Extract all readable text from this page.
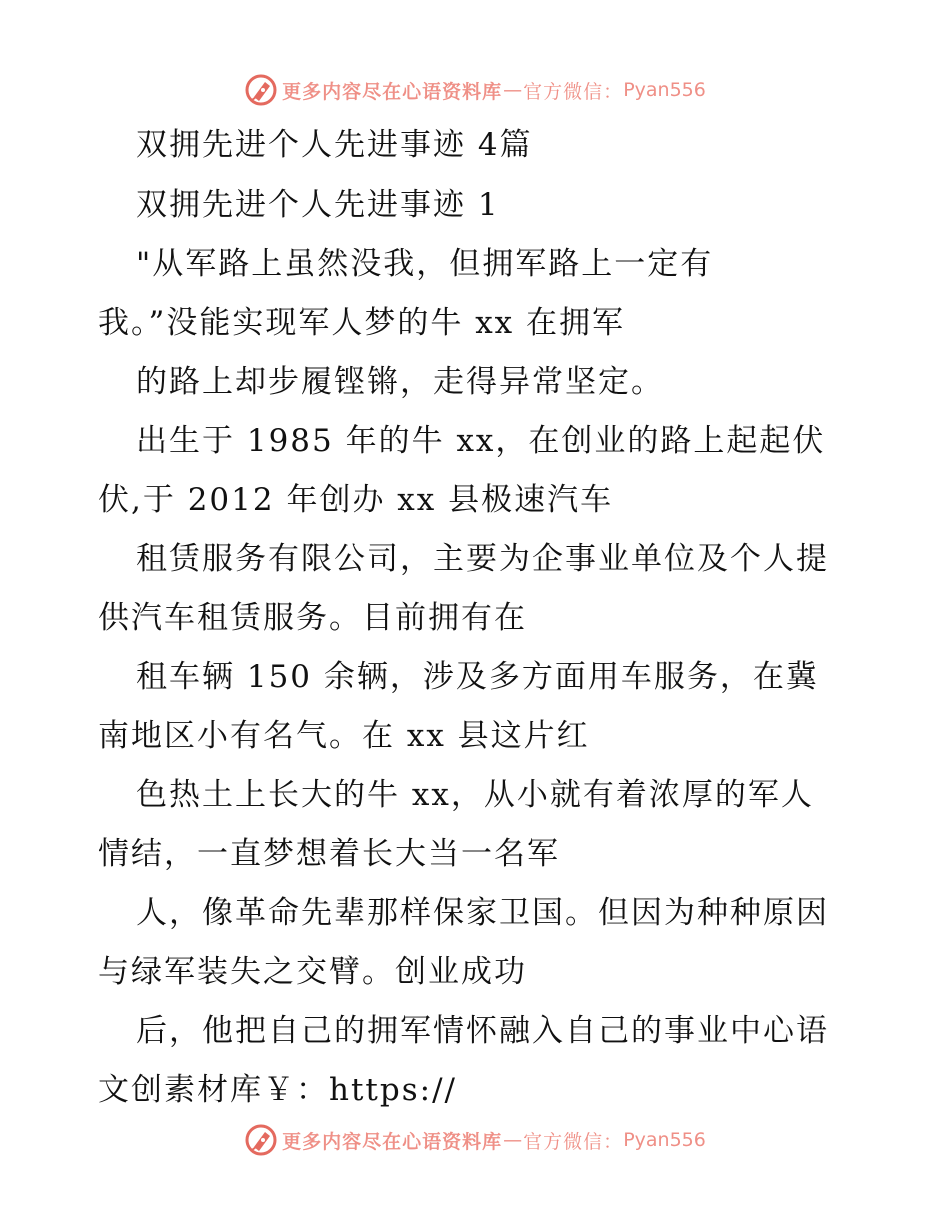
更多内容尽在心语资料库 — 官方微信： Pyan556
双拥先进个人先进事迹 4篇
双拥先进个人先进事迹 1
"从军路上虽然没我，但拥军路上一定有
我。”没能实现军人梦的牛 xx 在拥军
的路上却步履铿锵，走得异常坚定。
出生于 1985 年的牛 xx，在创业的路上起起伏
伏,于 2012 年创办 xx 县极速汽车
租赁服务有限公司，主要为企事业单位及个人提
供汽车租赁服务。目前拥有在
租车辆 150 余辆，涉及多方面用车服务，在冀
南地区小有名气。在 xx 县这片红
色热土上长大的牛 xx，从小就有着浓厚的军人
情结，一直梦想着长大当一名军
人，像革命先辈那样保家卫国。但因为种种原因
与绿军装失之交臂。创业成功
后，他把自己的拥军情怀融入自己的事业中心语
文创素材库￥：https://
更多内容尽在心语资料库 — 官方微信： Pyan556
